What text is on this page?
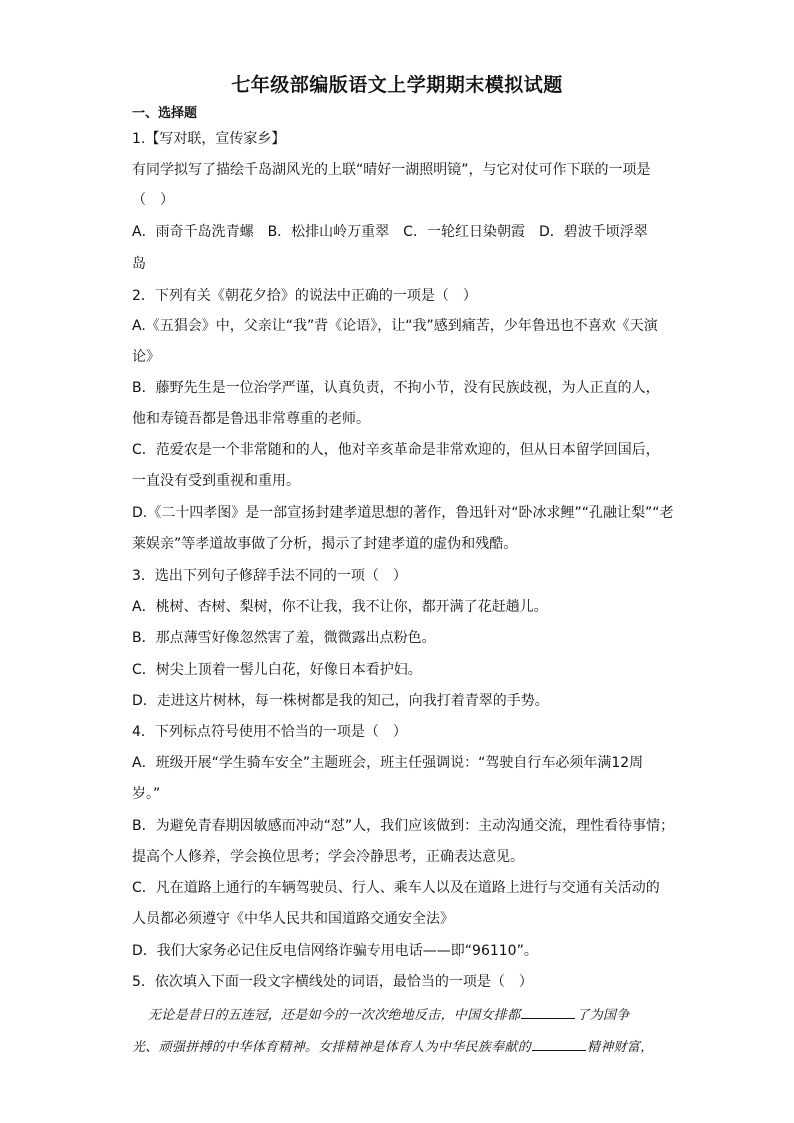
七年级部编版语文上学期期末模拟试题
一、选择题
1.【写对联，宣传家乡】
有同学拟写了描绘千岛湖风光的上联“晴好一湖照明镜”，与它对仗可作下联的一项是
（　）
A．雨奇千岛洗青螺　B．松排山岭万重翠　C．一轮红日染朝霞　D．碧波千顷浮翠
岛
2．下列有关《朝花夕拾》的说法中正确的一项是（　）
A.《五猖会》中，父亲让“我”背《论语》，让“我”感到痛苦，少年鲁迅也不喜欢《天演
论》
B．藤野先生是一位治学严谨，认真负责，不拘小节，没有民族歧视，为人正直的人，
他和寿镜吾都是鲁迅非常尊重的老师。
C．范爱农是一个非常随和的人，他对辛亥革命是非常欢迎的，但从日本留学回国后，
一直没有受到重视和重用。
D.《二十四孝图》是一部宣扬封建孝道思想的著作，鲁迅针对“卧冰求鲤”“孔融让梨”“老
莱娱亲”等孝道故事做了分析，揭示了封建孝道的虚伪和残酷。
3．选出下列句子修辞手法不同的一项（　）
A．桃树、杏树、梨树，你不让我，我不让你，都开满了花赶趟儿。
B．那点薄雪好像忽然害了羞，微微露出点粉色。
C．树尖上顶着一髻儿白花，好像日本看护妇。
D．走进这片树林，每一株树都是我的知己，向我打着青翠的手势。
4．下列标点符号使用不恰当的一项是（　）
A．班级开展“学生骑车安全”主题班会，班主任强调说：“驾驶自行车必须年满12周
岁。”
B．为避免青春期因敏感而冲动“怼”人，我们应该做到：主动沟通交流，理性看待事情；
提高个人修养，学会换位思考；学会冷静思考，正确表达意见。
C．凡在道路上通行的车辆驾驶员、行人、乘车人以及在道路上进行与交通有关活动的
人员都必须遵守《中华人民共和国道路交通安全法》
D．我们大家务必记住反电信网络诈骗专用电话——即“96110”。
5．依次填入下面一段文字横线处的词语，最恰当的一项是（　）
无论是昔日的五连冠，还是如今的一次次绝地反击，中国女排都	了为国争
光、顽强拼搏的中华体育精神。女排精神是体育人为中华民族奉献的	精神财富，
